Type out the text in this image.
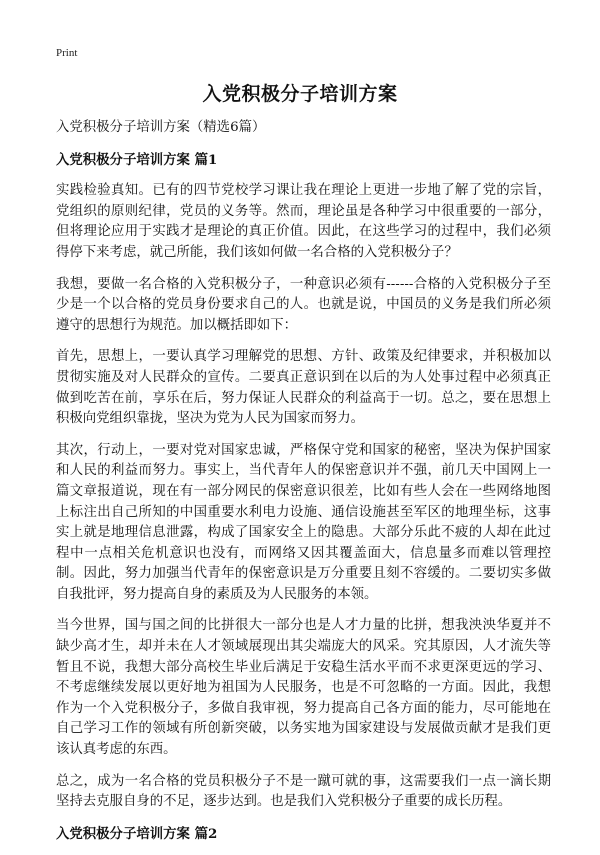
Print
入党积极分子培训方案

入党积极分子培训方案（精选6篇）

入党积极分子培训方案 篇1

实践检验真知。已有的四节党校学习课让我在理论上更进一步地了解了党的宗旨，党组织的原则纪律，党员的义务等。然而，理论虽是各种学习中很重要的一部分，但将理论应用于实践才是理论的真正价值。因此，在这些学习的过程中，我们必须得停下来考虑，就己所能，我们该如何做一名合格的入党积极分子？

我想，要做一名合格的入党积极分子，一种意识必须有------合格的入党积极分子至少是一个以合格的党员身份要求自己的人。也就是说，中国员的义务是我们所必须遵守的思想行为规范。加以概括即如下：

首先，思想上，一要认真学习理解党的思想、方针、政策及纪律要求，并积极加以贯彻实施及对人民群众的宣传。二要真正意识到在以后的为人处事过程中必须真正做到吃苦在前，享乐在后，努力保证人民群众的利益高于一切。总之，要在思想上积极向党组织靠拢，坚决为党为人民为国家而努力。

其次，行动上，一要对党对国家忠诚，严格保守党和国家的秘密，坚决为保护国家和人民的利益而努力。事实上，当代青年人的保密意识并不强，前几天中国网上一篇文章报道说，现在有一部分网民的保密意识很差，比如有些人会在一些网络地图上标注出自己所知的中国重要水利电力设施、通信设施甚至军区的地理坐标，这事实上就是地理信息泄露，构成了国家安全上的隐患。大部分乐此不疲的人却在此过程中一点相关危机意识也没有，而网络又因其覆盖面大，信息量多而难以管理控制。因此，努力加强当代青年的保密意识是万分重要且刻不容缓的。二要切实多做自我批评，努力提高自身的素质及为人民服务的本领。

当今世界，国与国之间的比拼很大一部分也是人才力量的比拼，想我泱泱华夏并不缺少高才生，却并未在人才领域展现出其尖端庞大的风采。究其原因，人才流失等暂且不说，我想大部分高校生毕业后满足于安稳生活水平而不求更深更远的学习、不考虑继续发展以更好地为祖国为人民服务，也是不可忽略的一方面。因此，我想作为一个入党积极分子，多做自我审视，努力提高自己各方面的能力，尽可能地在自己学习工作的领域有所创新突破，以务实地为国家建设与发展做贡献才是我们更该认真考虑的东西。

总之，成为一名合格的党员积极分子不是一蹴可就的事，这需要我们一点一滴长期坚持去克服自身的不足，逐步达到。也是我们入党积极分子重要的成长历程。

入党积极分子培训方案 篇2
